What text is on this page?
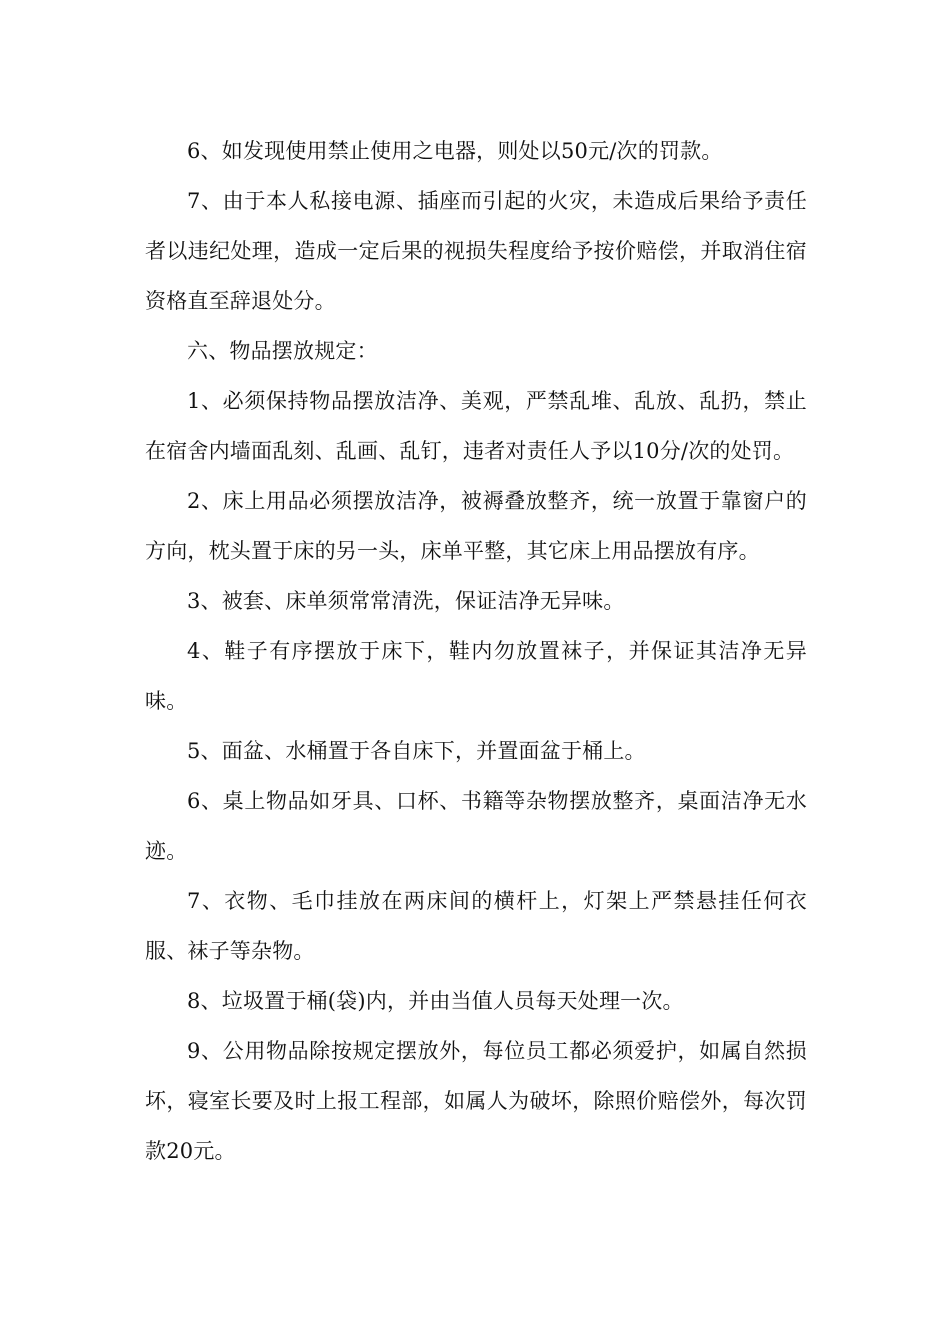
6、如发现使用禁止使用之电器，则处以50元/次的罚款。

7、由于本人私接电源、插座而引起的火灾，未造成后果给予责任者以违纪处理，造成一定后果的视损失程度给予按价赔偿，并取消住宿资格直至辞退处分。

六、物品摆放规定：

1、必须保持物品摆放洁净、美观，严禁乱堆、乱放、乱扔，禁止在宿舍内墙面乱刻、乱画、乱钉，违者对责任人予以10分/次的处罚。

2、床上用品必须摆放洁净，被褥叠放整齐，统一放置于靠窗户的方向，枕头置于床的另一头，床单平整，其它床上用品摆放有序。

3、被套、床单须常常清洗，保证洁净无异味。

4、鞋子有序摆放于床下，鞋内勿放置袜子，并保证其洁净无异味。

5、面盆、水桶置于各自床下，并置面盆于桶上。

6、桌上物品如牙具、口杯、书籍等杂物摆放整齐，桌面洁净无水迹。

7、衣物、毛巾挂放在两床间的横杆上，灯架上严禁悬挂任何衣服、袜子等杂物。

8、垃圾置于桶(袋)内，并由当值人员每天处理一次。

9、公用物品除按规定摆放外，每位员工都必须爱护，如属自然损坏，寝室长要及时上报工程部，如属人为破坏，除照价赔偿外，每次罚款20元。
